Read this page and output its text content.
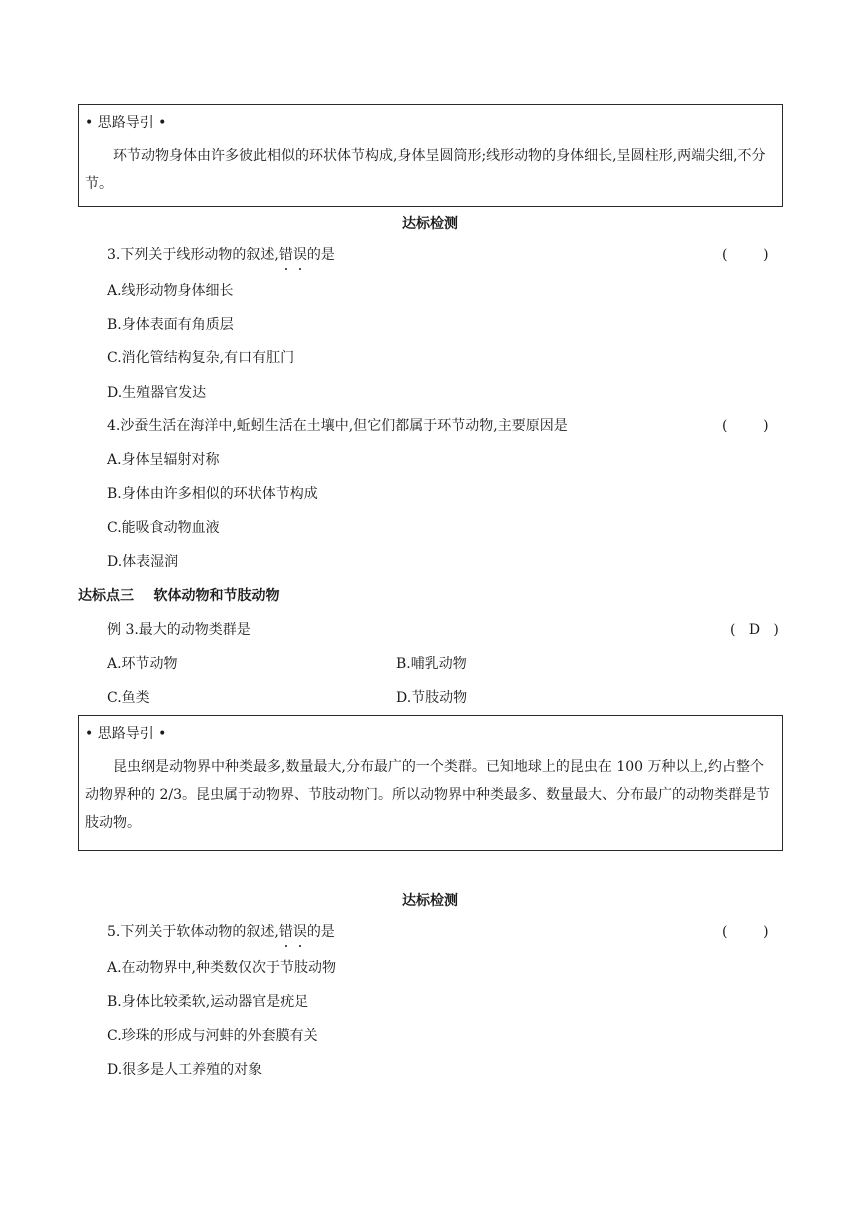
• 思路导引 •
环节动物身体由许多彼此相似的环状体节构成,身体呈圆筒形;线形动物的身体细长,呈圆柱形,两端尖细,不分节。
达标检测
3.下列关于线形动物的叙述,错
误
的是	(        )
A.线形动物身体细长
B.身体表面有角质层
C.消化管结构复杂,有口有肛门
D.生殖器官发达
4.沙蚕生活在海洋中,蚯蚓生活在土壤中,但它们都属于环节动物,主要原因是	(        )
A.身体呈辐射对称
B.身体由许多相似的环状体节构成
C.能吸食动物血液
D.体表湿润
达标点三    软体动物和节肢动物
例 3.最大的动物类群是	(   D   )
A.环节动物	B.哺乳动物
C.鱼类	D.节肢动物
• 思路导引 •
昆虫纲是动物界中种类最多,数量最大,分布最广的一个类群。已知地球上的昆虫在 100 万种以上,约占整个动物界种的 2/3。昆虫属于动物界、节肢动物门。所以动物界中种类最多、数量最大、分布最广的动物类群是节肢动物。
达标检测
5.下列关于软体动物的叙述,错
误
的是	(        )
A.在动物界中,种类数仅次于节肢动物
B.身体比较柔软,运动器官是疣足
C.珍珠的形成与河蚌的外套膜有关
D.很多是人工养殖的对象
